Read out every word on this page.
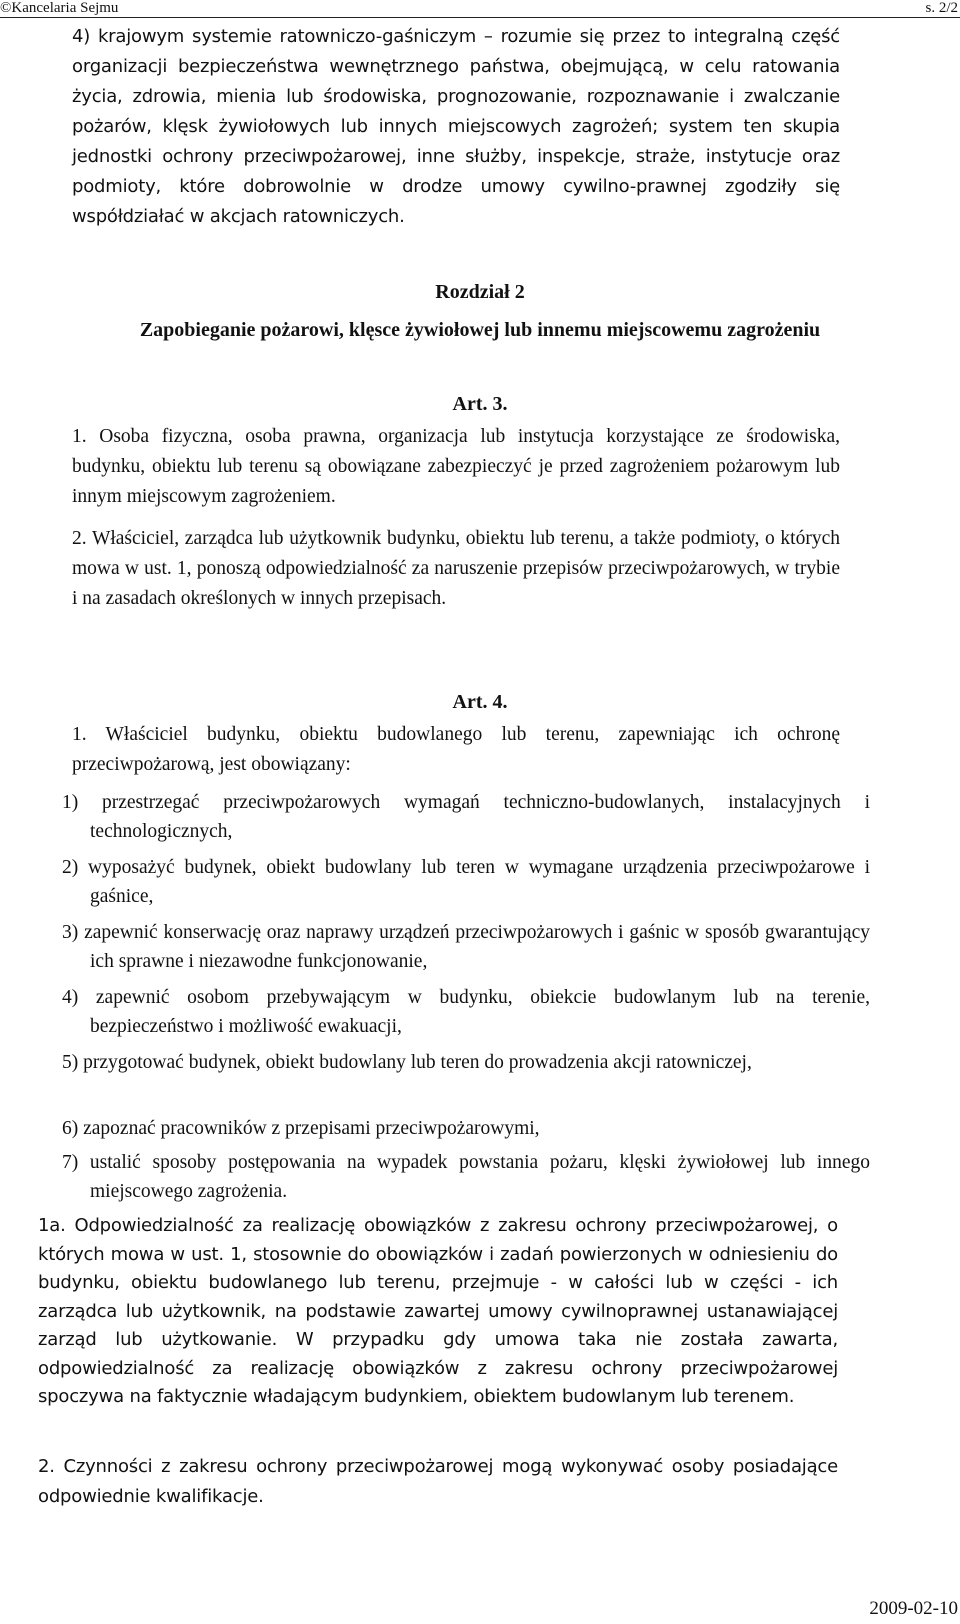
©Kancelaria Sejmu	s. 2/2

4) krajowym systemie ratowniczo-gaśniczym – rozumie się przez to integralną część organizacji bezpieczeństwa wewnętrznego państwa, obejmującą, w celu ratowania życia, zdrowia, mienia lub środowiska, prognozowanie, rozpoznawanie i zwalczanie pożarów, klęsk żywiołowych lub innych miejscowych zagrożeń; system ten skupia jednostki ochrony przeciwpożarowej, inne służby, inspekcje, straże, instytucje oraz podmioty, które dobrowolnie w drodze umowy cywilno-prawnej zgodziły się współdziałać w akcjach ratowniczych.

Rozdział 2

Zapobieganie pożarowi, klęsce żywiołowej lub innemu miejscowemu zagrożeniu

Art. 3.

1. Osoba fizyczna, osoba prawna, organizacja lub instytucja korzystające ze środowiska, budynku, obiektu lub terenu są obowiązane zabezpieczyć je przed zagrożeniem pożarowym lub innym miejscowym zagrożeniem.

2. Właściciel, zarządca lub użytkownik budynku, obiektu lub terenu, a także podmioty, o których mowa w ust. 1, ponoszą odpowiedzialność za naruszenie przepisów przeciwpożarowych, w trybie i na zasadach określonych w innych przepisach.

Art. 4.

1. Właściciel budynku, obiektu budowlanego lub terenu, zapewniając ich ochronę przeciwpożarową, jest obowiązany:

1) przestrzegać przeciwpożarowych wymagań techniczno-budowlanych, instalacyjnych i technologicznych,

2) wyposażyć budynek, obiekt budowlany lub teren w wymagane urządzenia przeciwpożarowe i gaśnice,

3) zapewnić konserwację oraz naprawy urządzeń przeciwpożarowych i gaśnic w sposób gwarantujący ich sprawne i niezawodne funkcjonowanie,

4) zapewnić osobom przebywającym w budynku, obiekcie budowlanym lub na terenie, bezpieczeństwo i możliwość ewakuacji,

5) przygotować budynek, obiekt budowlany lub teren do prowadzenia akcji ratowniczej,

6) zapoznać pracowników z przepisami przeciwpożarowymi,

7) ustalić sposoby postępowania na wypadek powstania pożaru, klęski żywiołowej lub innego miejscowego zagrożenia.

1a. Odpowiedzialność za realizację obowiązków z zakresu ochrony przeciwpożarowej, o których mowa w ust. 1, stosownie do obowiązków i zadań powierzonych w odniesieniu do budynku, obiektu budowlanego lub terenu, przejmuje - w całości lub w części - ich zarządca lub użytkownik, na podstawie zawartej umowy cywilnoprawnej ustanawiającej zarząd lub użytkowanie. W przypadku gdy umowa taka nie została zawarta, odpowiedzialność za realizację obowiązków z zakresu ochrony przeciwpożarowej spoczywa na faktycznie władającym budynkiem, obiektem budowlanym lub terenem.

2. Czynności z zakresu ochrony przeciwpożarowej mogą wykonywać osoby posiadające odpowiednie kwalifikacje.

2009-02-10
